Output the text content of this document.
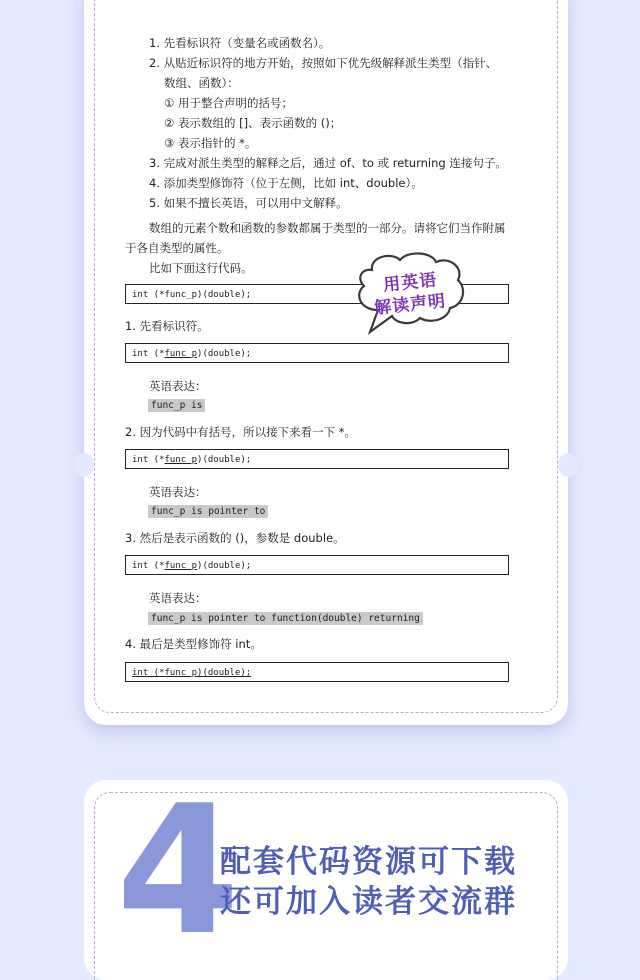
1. 先看标识符（变量名或函数名）。
2. 从贴近标识符的地方开始，按照如下优先级解释派生类型（指针、
数组、函数）：
① 用于整合声明的括号；
② 表示数组的 []、表示函数的 ()；
③ 表示指针的 *。
3. 完成对派生类型的解释之后，通过 of、to 或 returning 连接句子。
4. 添加类型修饰符（位于左侧，比如 int、double）。
5. 如果不擅长英语，可以用中文解释。
数组的元素个数和函数的参数都属于类型的一部分。请将它们当作附属
于各自类型的属性。
比如下面这行代码。
int (*func_p)(double);
1. 先看标识符。
int (*func_p)(double);
英语表达：
func_p is
2. 因为代码中有括号，所以接下来看一下 *。
int (*func_p)(double);
英语表达：
func_p is pointer to
3. 然后是表示函数的 ()，参数是 double。
int (*func_p)(double);
英语表达：
func_p is pointer to function(double) returning
4. 最后是类型修饰符 int。
int (*func_p)(double);
用英语
解读声明
4
配套代码资源可下载
还可加入读者交流群
